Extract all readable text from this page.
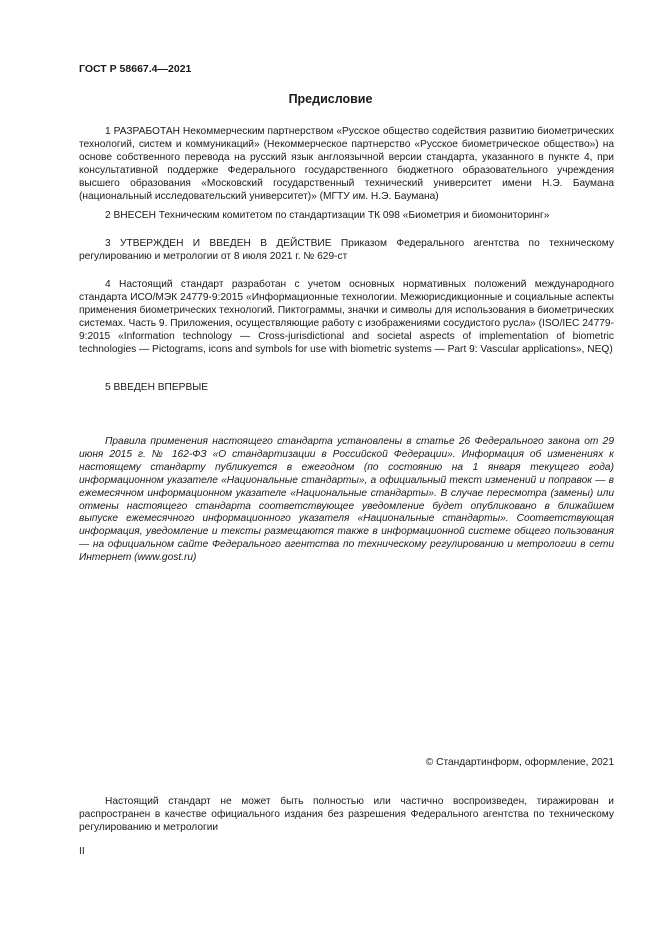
ГОСТ Р 58667.4—2021
Предисловие
1 РАЗРАБОТАН Некоммерческим партнерством «Русское общество содействия развитию биометрических технологий, систем и коммуникаций» (Некоммерческое партнерство «Русское биометрическое общество») на основе собственного перевода на русский язык англоязычной версии стандарта, указанного в пункте 4, при консультативной поддержке Федерального государственного бюджетного образовательного учреждения высшего образования «Московский государственный технический университет имени Н.Э. Баумана (национальный исследовательский университет)» (МГТУ им. Н.Э. Баумана)
2 ВНЕСЕН Техническим комитетом по стандартизации ТК 098 «Биометрия и биомониторинг»
3 УТВЕРЖДЕН И ВВЕДЕН В ДЕЙСТВИЕ Приказом Федерального агентства по техническому регулированию и метрологии от 8 июля 2021 г. № 629-ст
4 Настоящий стандарт разработан с учетом основных нормативных положений международного стандарта ИСО/МЭК 24779-9:2015 «Информационные технологии. Межюрисдикционные и социальные аспекты применения биометрических технологий. Пиктограммы, значки и символы для использования в биометрических системах. Часть 9. Приложения, осуществляющие работу с изображениями сосудистого русла» (ISO/IEC 24779-9:2015 «Information technology — Cross-jurisdictional and societal aspects of implementation of biometric technologies — Pictograms, icons and symbols for use with biometric systems — Part 9: Vascular applications», NEQ)
5 ВВЕДЕН ВПЕРВЫЕ
Правила применения настоящего стандарта установлены в статье 26 Федерального закона от 29 июня 2015 г. № 162-ФЗ «О стандартизации в Российской Федерации». Информация об изменениях к настоящему стандарту публикуется в ежегодном (по состоянию на 1 января текущего года) информационном указателе «Национальные стандарты», а официальный текст изменений и поправок — в ежемесячном информационном указателе «Национальные стандарты». В случае пересмотра (замены) или отмены настоящего стандарта соответствующее уведомление будет опубликовано в ближайшем выпуске ежемесячного информационного указателя «Национальные стандарты». Соответствующая информация, уведомление и тексты размещаются также в информационной системе общего пользования — на официальном сайте Федерального агентства по техническому регулированию и метрологии в сети Интернет (www.gost.ru)
© Стандартинформ, оформление, 2021
Настоящий стандарт не может быть полностью или частично воспроизведен, тиражирован и распространен в качестве официального издания без разрешения Федерального агентства по техническому регулированию и метрологии
II
